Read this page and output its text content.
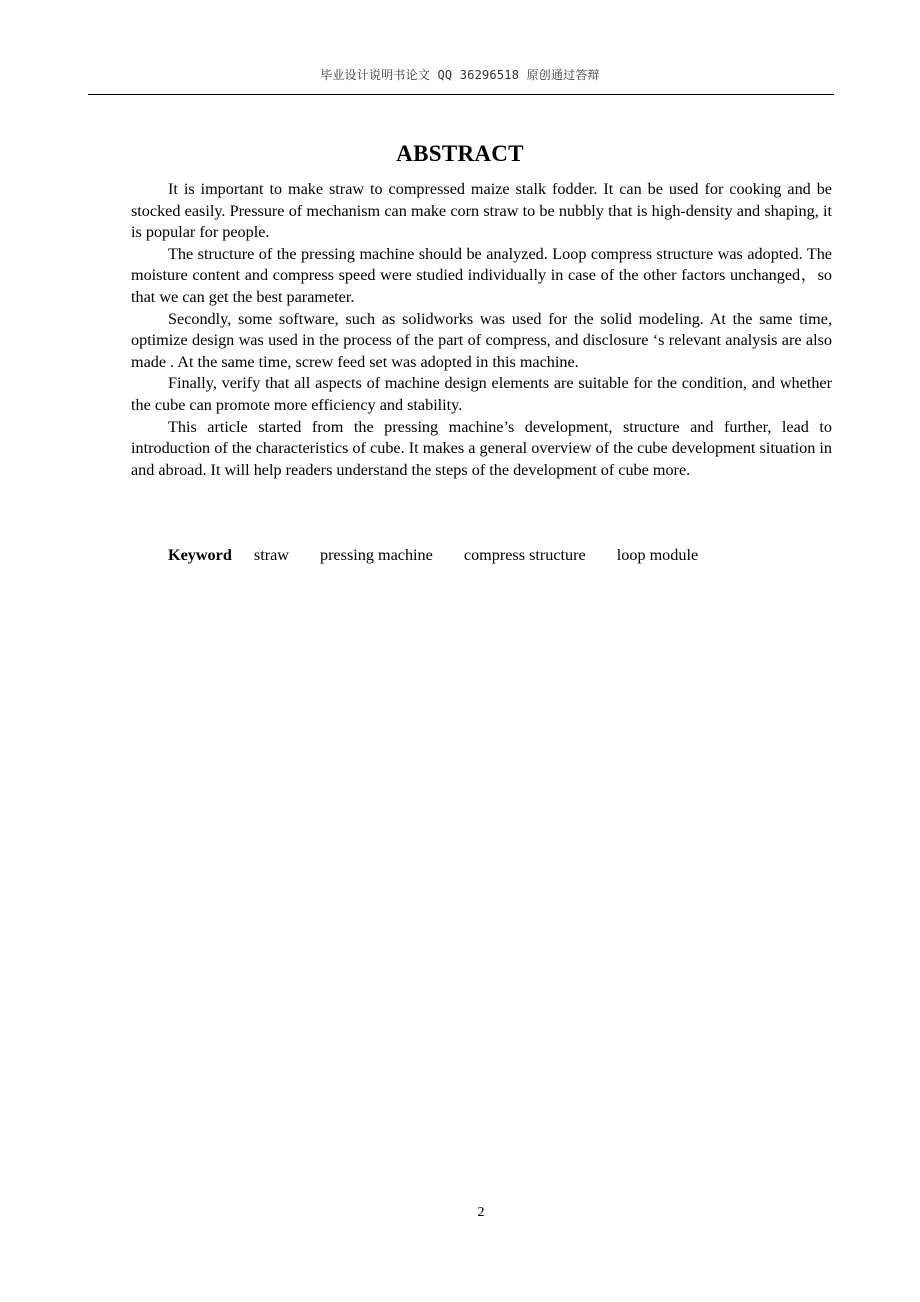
毕业设计说明书论文 QQ 36296518 原创通过答辩
ABSTRACT

It is important to make straw to compressed maize stalk fodder. It can be used for cooking and be stocked easily. Pressure of mechanism can make corn straw to be nubbly that is high-density and shaping, it is popular for people.

The structure of the pressing machine should be analyzed. Loop compress structure was adopted. The moisture content and compress speed were studied individually in case of the other factors unchanged，so that we can get the best parameter.

Secondly, some software, such as solidworks was used for the solid modeling. At the same time, optimize design was used in the process of the part of compress, and disclosure ‘s relevant analysis are also made . At the same time, screw feed set was adopted in this machine.

Finally, verify that all aspects of machine design elements are suitable for the condition, and whether the cube can promote more efficiency and stability.

This article started from the pressing machine’s development, structure and further, lead to introduction of the characteristics of cube. It makes a general overview of the cube development situation in and abroad. It will help readers understand the steps of the development of cube more.

Keyword straw pressing machine compress structure loop module
2
